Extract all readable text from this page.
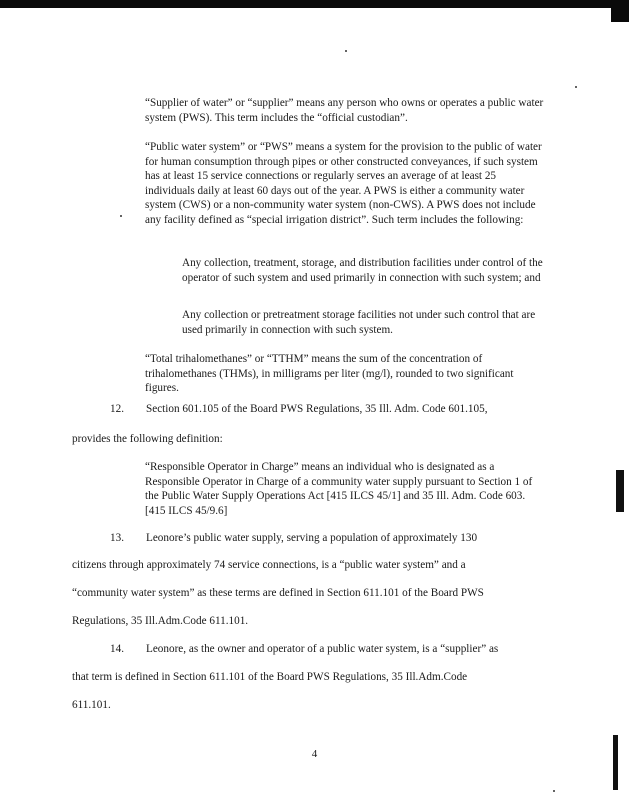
“Supplier of water” or “supplier” means any person who owns or operates a public water system (PWS). This term includes the “official custodian”.

“Public water system” or “PWS” means a system for the provision to the public of water for human consumption through pipes or other constructed conveyances, if such system has at least 15 service connections or regularly serves an average of at least 25 individuals daily at least 60 days out of the year. A PWS is either a community water system (CWS) or a non-community water system (non-CWS). A PWS does not include any facility defined as “special irrigation district”. Such term includes the following:

Any collection, treatment, storage, and distribution facilities under control of the operator of such system and used primarily in connection with such system; and

Any collection or pretreatment storage facilities not under such control that are used primarily in connection with such system.

“Total trihalomethanes” or “TTHM” means the sum of the concentration of trihalomethanes (THMs), in milligrams per liter (mg/l), rounded to two significant figures.

12. Section 601.105 of the Board PWS Regulations, 35 Ill. Adm. Code 601.105,

provides the following definition:

“Responsible Operator in Charge” means an individual who is designated as a Responsible Operator in Charge of a community water supply pursuant to Section 1 of the Public Water Supply Operations Act [415 ILCS 45/1] and 35 Ill. Adm. Code 603. [415 ILCS 45/9.6]

13. Leonore’s public water supply, serving a population of approximately 130

citizens through approximately 74 service connections, is a “public water system” and a

“community water system” as these terms are defined in Section 611.101 of the Board PWS

Regulations, 35 Ill.Adm.Code 611.101.

14. Leonore, as the owner and operator of a public water system, is a “supplier” as

that term is defined in Section 611.101 of the Board PWS Regulations, 35 Ill.Adm.Code

611.101.

4
